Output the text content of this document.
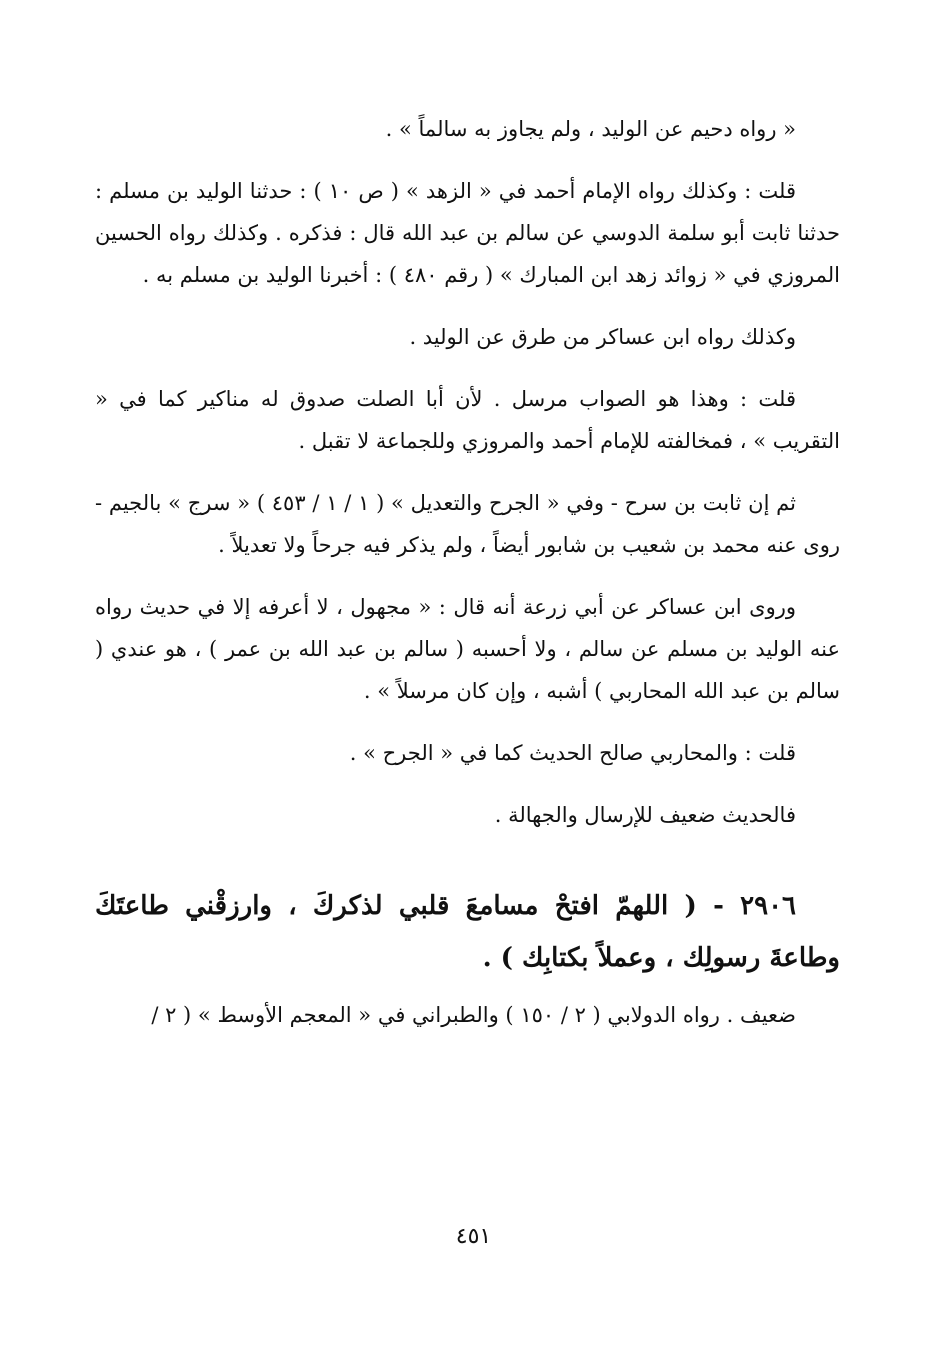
« رواه دحيم عن الوليد ، ولم يجاوز به سالماً » .

قلت : وكذلك رواه الإمام أحمد في « الزهد » ( ص ١٠ ) : حدثنا الوليد بن مسلم : حدثنا ثابت أبو سلمة الدوسي عن سالم بن عبد الله قال : فذكره . وكذلك رواه الحسين المروزي في « زوائد زهد ابن المبارك » ( رقم ٤٨٠ ) : أخبرنا الوليد بن مسلم به .

وكذلك رواه ابن عساكر من طرق عن الوليد .

قلت : وهذا هو الصواب مرسل . لأن أبا الصلت صدوق له مناكير كما في « التقريب » ، فمخالفته للإمام أحمد والمروزي وللجماعة لا تقبل .

ثم إن ثابت بن سرح - وفي « الجرح والتعديل » ( ١ / ١ / ٤٥٣ ) « سرج » بالجيم - روى عنه محمد بن شعيب بن شابور أيضاً ، ولم يذكر فيه جرحاً ولا تعديلاً .

وروى ابن عساكر عن أبي زرعة أنه قال : « مجهول ، لا أعرفه إلا في حديث رواه عنه الوليد بن مسلم عن سالم ، ولا أحسبه ( سالم بن عبد الله بن عمر ) ، هو عندي ( سالم بن عبد الله المحاربي ) أشبه ، وإن كان مرسلاً » .

قلت : والمحاربي صالح الحديث كما في « الجرح » .

فالحديث ضعيف للإرسال والجهالة .

٢٩٠٦ - ( اللهمّ افتحْ مسامعَ قلبي لذكركَ ، وارزقْني طاعتَكَ وطاعةَ رسولِك ، وعملاً بكتابِك ) .

ضعيف . رواه الدولابي ( ٢ / ١٥٠ ) والطبراني في « المعجم الأوسط » ( ٢ /

٤٥١
